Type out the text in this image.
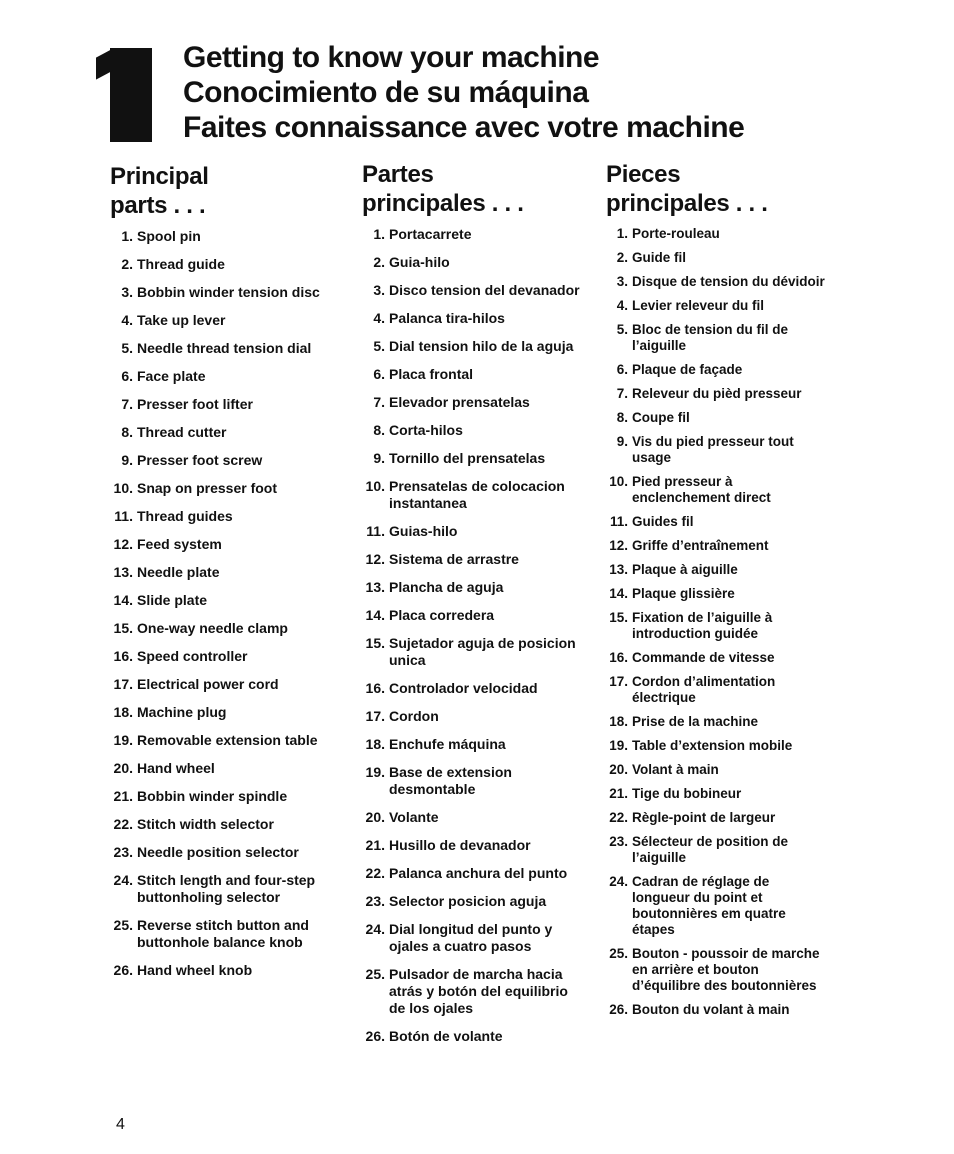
Getting to know your machine
Conocimiento de su máquina
Faites connaissance avec votre machine
Principal
parts . . .
1. Spool pin
2. Thread guide
3. Bobbin winder tension disc
4. Take up lever
5. Needle thread tension dial
6. Face plate
7. Presser foot lifter
8. Thread cutter
9. Presser foot screw
10. Snap on presser foot
11. Thread guides
12. Feed system
13. Needle plate
14. Slide plate
15. One-way needle clamp
16. Speed controller
17. Electrical power cord
18. Machine plug
19. Removable extension table
20. Hand wheel
21. Bobbin winder spindle
22. Stitch width selector
23. Needle position selector
24. Stitch length and four-step buttonholing selector
25. Reverse stitch button and buttonhole balance knob
26. Hand wheel knob
Partes
principales . . .
1. Portacarrete
2. Guia-hilo
3. Disco tension del devanador
4. Palanca tira-hilos
5. Dial tension hilo de la aguja
6. Placa frontal
7. Elevador prensatelas
8. Corta-hilos
9. Tornillo del prensatelas
10. Prensatelas de colocacion instantanea
11. Guias-hilo
12. Sistema de arrastre
13. Plancha de aguja
14. Placa corredera
15. Sujetador aguja de posicion unica
16. Controlador velocidad
17. Cordon
18. Enchufe máquina
19. Base de extension desmontable
20. Volante
21. Husillo de devanador
22. Palanca anchura del punto
23. Selector posicion aguja
24. Dial longitud del punto y ojales a cuatro pasos
25. Pulsador de marcha hacia atrás y botón del equilibrio de los ojales
26. Botón de volante
Pieces
principales . . .
1. Porte-rouleau
2. Guide fil
3. Disque de tension du dévidoir
4. Levier releveur du fil
5. Bloc de tension du fil de l’aiguille
6. Plaque de façade
7. Releveur du pièd presseur
8. Coupe fil
9. Vis du pied presseur tout usage
10. Pied presseur à enclenchement direct
11. Guides fil
12. Griffe d’entraînement
13. Plaque à aiguille
14. Plaque glissière
15. Fixation de l’aiguille à introduction guidée
16. Commande de vitesse
17. Cordon d’alimentation électrique
18. Prise de la machine
19. Table d’extension mobile
20. Volant à main
21. Tige du bobineur
22. Règle-point de largeur
23. Sélecteur de position de l’aiguille
24. Cadran de réglage de longueur du point et boutonnières em quatre étapes
25. Bouton - poussoir de marche en arrière et bouton d’équilibre des boutonnières
26. Bouton du volant à main
4
